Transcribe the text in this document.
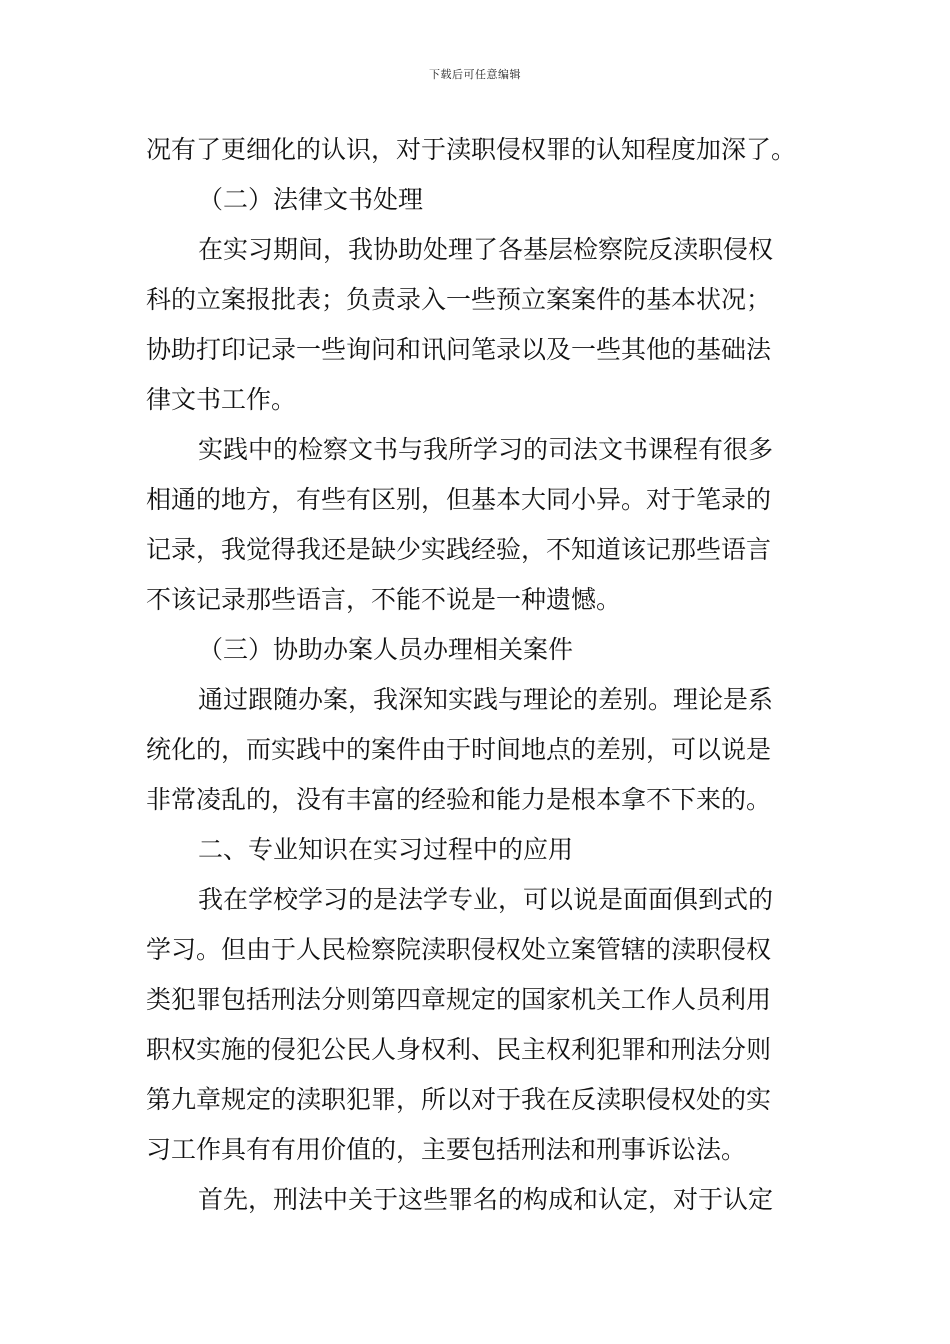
下载后可任意编辑
况有了更细化的认识，对于渎职侵权罪的认知程度加深了。
（二）法律文书处理
在实习期间，我协助处理了各基层检察院反渎职侵权
科的立案报批表；负责录入一些预立案案件的基本状况；
协助打印记录一些询问和讯问笔录以及一些其他的基础法
律文书工作。
实践中的检察文书与我所学习的司法文书课程有很多
相通的地方，有些有区别，但基本大同小异。对于笔录的
记录，我觉得我还是缺少实践经验，不知道该记那些语言
不该记录那些语言，不能不说是一种遗憾。
（三）协助办案人员办理相关案件
通过跟随办案，我深知实践与理论的差别。理论是系
统化的，而实践中的案件由于时间地点的差别，可以说是
非常凌乱的，没有丰富的经验和能力是根本拿不下来的。
二、专业知识在实习过程中的应用
我在学校学习的是法学专业，可以说是面面俱到式的
学习。但由于人民检察院渎职侵权处立案管辖的渎职侵权
类犯罪包括刑法分则第四章规定的国家机关工作人员利用
职权实施的侵犯公民人身权利、民主权利犯罪和刑法分则
第九章规定的渎职犯罪，所以对于我在反渎职侵权处的实
习工作具有有用价值的，主要包括刑法和刑事诉讼法。
首先，刑法中关于这些罪名的构成和认定，对于认定
